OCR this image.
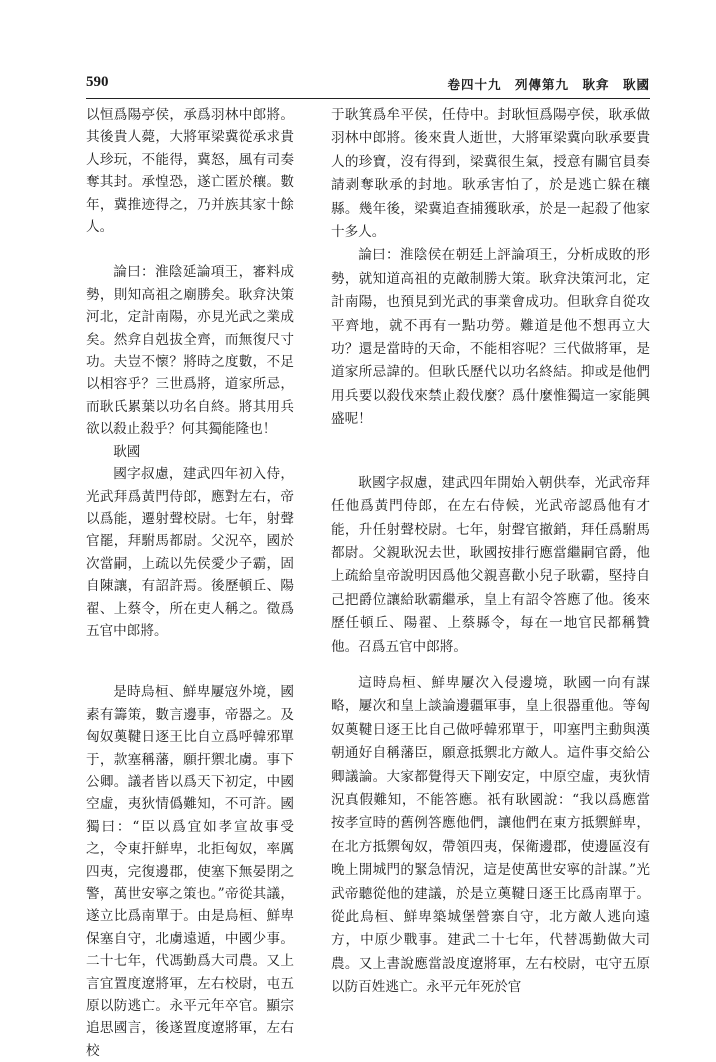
590	卷四十九　列傳第九　耿弇　耿國

以恒爲陽亭侯，承爲羽林中郎將。其後貴人薨，大將軍梁冀從承求貴人珍玩，不能得，冀怒，風有司奏奪其封。承惶恐，遂亡匿於穰。數年，冀推迹得之，乃并族其家十餘人。

論曰：淮陰延論項王，審料成勢，則知高祖之廟勝矣。耿弇決策河北，定計南陽，亦見光武之業成矣。然弇自剋拔全齊，而無復尺寸功。夫豈不懷？將時之度數，不足以相容乎？三世爲將，道家所忌，而耿氏累葉以功名自終。將其用兵欲以殺止殺乎？何其獨能隆也！

耿國

國字叔慮，建武四年初入侍，光武拜爲黃門侍郎，應對左右，帝以爲能，遷射聲校尉。七年，射聲官罷，拜駙馬都尉。父況卒，國於次當嗣，上疏以先侯愛少子霸，固自陳讓，有詔許焉。後歷頓丘、陽翟、上蔡令，所在吏人稱之。徵爲五官中郎將。

是時烏桓、鮮卑屢寇外境，國素有籌策，數言邊事，帝器之。及匈奴薁鞬日逐王比自立爲呼韓邪單于，款塞稱藩，願扞禦北虜。事下公卿。議者皆以爲天下初定，中國空虛，夷狄情僞難知，不可許。國獨曰：“臣以爲宜如孝宣故事受之，令東扞鮮卑，北拒匈奴，率厲四夷，完復邊郡，使塞下無晏閉之警，萬世安寧之策也。”帝從其議，遂立比爲南單于。由是烏桓、鮮卑保塞自守，北虜遠遁，中國少事。二十七年，代馮勤爲大司農。又上言宜置度遼將軍，左右校尉，屯五原以防逃亡。永平元年卒官。顯宗追思國言，後遂置度遼將軍，左右校

于耿箕爲牟平侯，任侍中。封耿恒爲陽亭侯，耿承做羽林中郎將。後來貴人逝世，大將軍梁冀向耿承要貴人的珍寶，沒有得到，梁冀很生氣，授意有關官員奏請剥奪耿承的封地。耿承害怕了，於是逃亡躲在穰縣。幾年後，梁冀追查捕獲耿承，於是一起殺了他家十多人。

論曰：淮陰侯在朝廷上評論項王，分析成敗的形勢，就知道高祖的克敵制勝大策。耿弇決策河北，定計南陽，也預見到光武的事業會成功。但耿弇自從攻平齊地，就不再有一點功勞。難道是他不想再立大功？還是當時的天命，不能相容呢？三代做將軍，是道家所忌諱的。但耿氏歷代以功名終結。抑或是他們用兵要以殺伐來禁止殺伐麼？爲什麼惟獨這一家能興盛呢！

耿國字叔慮，建武四年開始入朝供奉，光武帝拜任他爲黃門侍郎，在左右侍候，光武帝認爲他有才能，升任射聲校尉。七年，射聲官撤銷，拜任爲駙馬都尉。父親耿況去世，耿國按排行應當繼嗣官爵，他上疏給皇帝說明因爲他父親喜歡小兒子耿霸，堅持自己把爵位讓給耿霸繼承，皇上有詔令答應了他。後來歷任頓丘、陽翟、上蔡縣令，每在一地官民都稱贊他。召爲五官中郎將。

這時烏桓、鮮卑屢次入侵邊境，耿國一向有謀略，屢次和皇上談論邊疆軍事，皇上很器重他。等匈奴薁鞬日逐王比自己做呼韓邪單于，叩塞門主動與漢朝通好自稱藩臣，願意抵禦北方敵人。這件事交給公卿議論。大家都覺得天下剛安定，中原空虛，夷狄情況真假難知，不能答應。祇有耿國說：“我以爲應當按孝宣時的舊例答應他們，讓他們在東方抵禦鮮卑，在北方抵禦匈奴，帶領四夷，保衛邊郡，使邊區沒有晚上開城門的緊急情況，這是使萬世安寧的計謀。”光武帝聽從他的建議，於是立薁鞬日逐王比爲南單于。從此烏桓、鮮卑築城堡營寨自守，北方敵人逃向遠方，中原少戰事。建武二十七年，代替馮勤做大司農。又上書說應當設度遼將軍，左右校尉，屯守五原以防百姓逃亡。永平元年死於官
